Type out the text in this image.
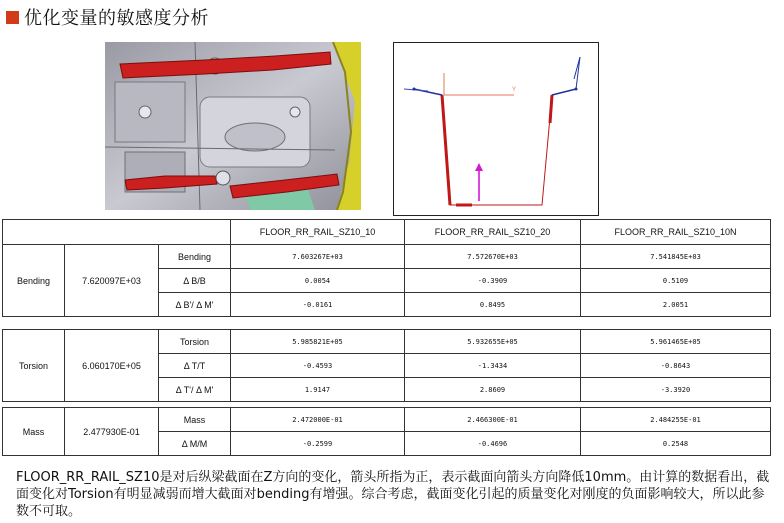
优化变量的敏感度分析
Y
			FLOOR_RR_RAIL_SZ10_10	FLOOR_RR_RAIL_SZ10_20	FLOOR_RR_RAIL_SZ10_10N
Bending	7.620097E+03	Bending	7.603267E+03	7.572670E+03	7.541845E+03
		Δ B/B	0.0054	-0.3909	0.5109
		Δ B'/ Δ M'	-0.0161	0.8495	2.0051
Torsion	6.060170E+05	Torsion	5.985821E+05	5.932655E+05	5.961465E+05
		Δ T/T	-0.4593	-1.3434	-0.8643
		Δ T'/ Δ M'	1.9147	2.8609	-3.3920
Mass	2.477930E-01	Mass	2.472000E-01	2.466300E-01	2.484255E-01
		Δ M/M	-0.2599	-0.4696	0.2548
FLOOR_RR_RAIL_SZ10是对后纵梁截面在Z方向的变化，箭头所指为正，表示截面向箭头方向降低10mm。由计算的数据看出，截面变化对Torsion有明显减弱而增大截面对bending有增强。综合考虑，截面变化引起的质量变化对刚度的负面影响较大，所以此参数不可取。
